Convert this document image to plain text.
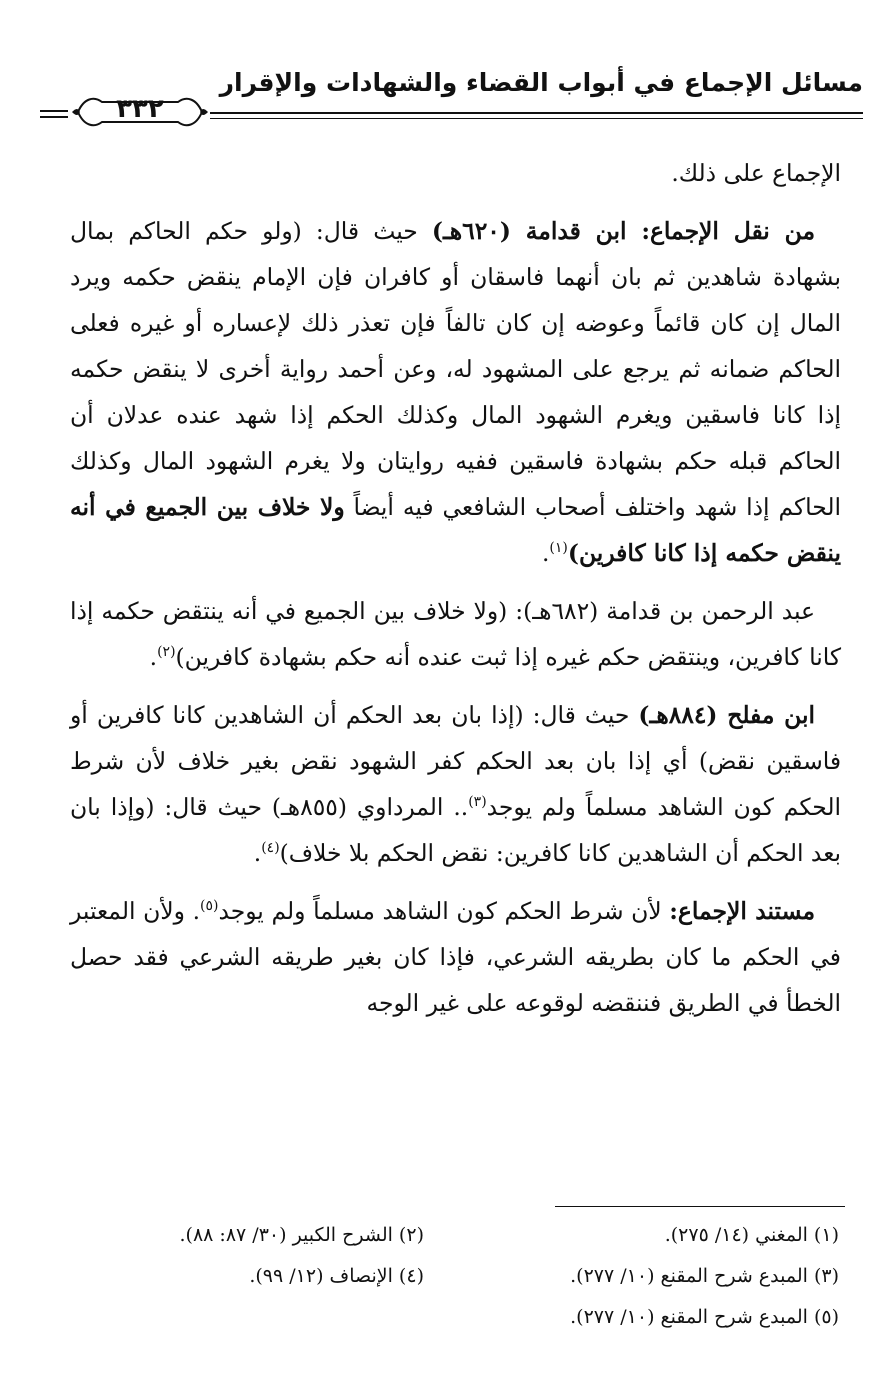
مسائل الإجماع في أبواب القضاء والشهادات والإقرار
٣٣٢

الإجماع على ذلك.

من نقل الإجماع: ابن قدامة (٦٢٠هـ) حيث قال: (ولو حكم الحاكم بمال بشهادة شاهدين ثم بان أنهما فاسقان أو كافران فإن الإمام ينقض حكمه ويرد المال إن كان قائماً وعوضه إن كان تالفاً فإن تعذر ذلك لإعساره أو غيره فعلى الحاكم ضمانه ثم يرجع على المشهود له، وعن أحمد رواية أخرى لا ينقض حكمه إذا كانا فاسقين ويغرم الشهود المال وكذلك الحكم إذا شهد عنده عدلان أن الحاكم قبله حكم بشهادة فاسقين ففيه روايتان ولا يغرم الشهود المال وكذلك الحاكم إذا شهد واختلف أصحاب الشافعي فيه أيضاً ولا خلاف بين الجميع في أنه ينقض حكمه إذا كانا كافرين)$^{(١)}$.

عبد الرحمن بن قدامة (٦٨٢هـ): (ولا خلاف بين الجميع في أنه ينتقض حكمه إذا كانا كافرين، وينتقض حكم غيره إذا ثبت عنده أنه حكم بشهادة كافرين)$^{(٢)}$.

ابن مفلح (٨٨٤هـ) حيث قال: (إذا بان بعد الحكم أن الشاهدين كانا كافرين أو فاسقين نقض) أي إذا بان بعد الحكم كفر الشهود نقض بغير خلاف لأن شرط الحكم كون الشاهد مسلماً ولم يوجد$^{(٣)}$.. المرداوي (٨٥٥هـ) حيث قال: (وإذا بان بعد الحكم أن الشاهدين كانا كافرين: نقض الحكم بلا خلاف)$^{(٤)}$.

مستند الإجماع: لأن شرط الحكم كون الشاهد مسلماً ولم يوجد$^{(٥)}$. ولأن المعتبر في الحكم ما كان بطريقه الشرعي، فإذا كان بغير طريقه الشرعي فقد حصل الخطأ في الطريق فننقضه لوقوعه على غير الوجه

(١) المغني (١٤/ ٢٧٥).
(٢) الشرح الكبير (٣٠/ ٨٧: ٨٨).
(٣) المبدع شرح المقنع (١٠/ ٢٧٧).
(٤) الإنصاف (١٢/ ٩٩).
(٥) المبدع شرح المقنع (١٠/ ٢٧٧).
